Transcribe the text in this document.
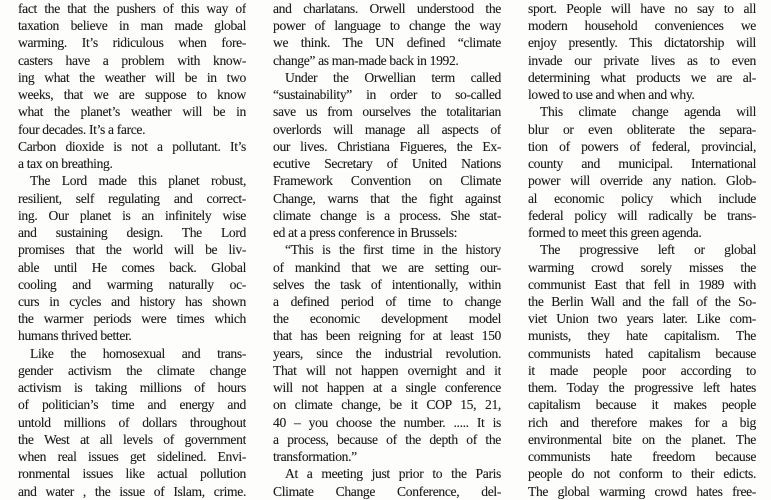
fact the that the pushers of this way of
taxation believe in man made global
warming. It’s ridiculous when fore-
casters have a problem with know-
ing what the weather will be in two
weeks, that we are suppose to know
what the planet’s weather will be in
four decades. It’s a farce.
Carbon dioxide is not a pollutant. It’s
a tax on breathing.
The Lord made this planet robust,
resilient, self regulating and correct-
ing. Our planet is an infinitely wise
and sustaining design. The Lord
promises that the world will be liv-
able until He comes back. Global
cooling and warming naturally oc-
curs in cycles and history has shown
the warmer periods were times which
humans thrived better.
Like the homosexual and trans-
gender activism the climate change
activism is taking millions of hours
of politician’s time and energy and
untold millions of dollars throughout
the West at all levels of government
when real issues get sidelined. Envi-
ronmental issues like actual pollution
and water , the issue of Islam, crime.
and charlatans. Orwell understood the
power of language to change the way
we think. The UN defined “climate
change” as man-made back in 1992.
Under the Orwellian term called
“sustainability” in order to so-called
save us from ourselves the totalitarian
overlords will manage all aspects of
our lives. Christiana Figueres, the Ex-
ecutive Secretary of United Nations
Framework Convention on Climate
Change, warns that the fight against
climate change is a process. She stat-
ed at a press conference in Brussels:
“This is the first time in the history
of mankind that we are setting our-
selves the task of intentionally, within
a defined period of time to change
the economic development model
that has been reigning for at least 150
years, since the industrial revolution.
That will not happen overnight and it
will not happen at a single conference
on climate change, be it COP 15, 21,
40 – you choose the number. ..... It is
a process, because of the depth of the
transformation.”
At a meeting just prior to the Paris
Climate Change Conference, del-
sport. People will have no say to all
modern household conveniences we
enjoy presently. This dictatorship will
invade our private lives as to even
determining what products we are al-
lowed to use and when and why.
This climate change agenda will
blur or even obliterate the separa-
tion of powers of federal, provincial,
county and municipal. International
power will override any nation. Glob-
al economic policy which include
federal policy will radically be trans-
formed to meet this green agenda.
The progressive left or global
warming crowd sorely misses the
communist East that fell in 1989 with
the Berlin Wall and the fall of the So-
viet Union two years later. Like com-
munists, they hate capitalism. The
communists hated capitalism because
it made people poor according to
them. Today the progressive left hates
capitalism because it makes people
rich and therefore makes for a big
environmental bite on the planet. The
communists hate freedom because
people do not conform to their edicts.
The global warming crowd hates free-
